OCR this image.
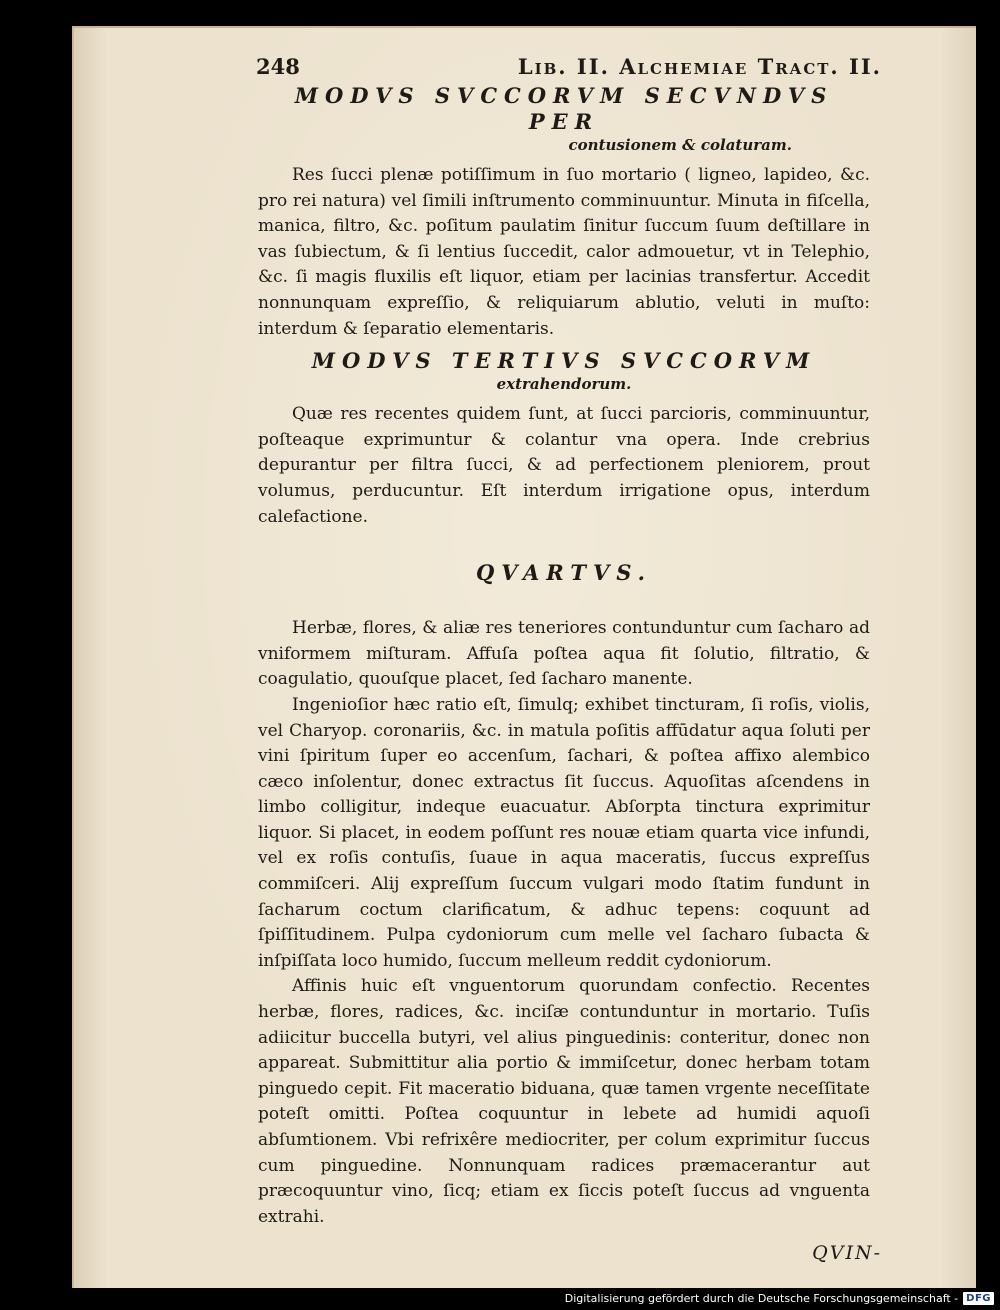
248	Lib. II. Alchemiae Tract. II.
MODVS SVCCORVM SECVNDVS PER
contusionem & colaturam.

Res ſucci plenæ potiſſimum in ſuo mortario ( ligneo, lapideo, &c. pro rei natura) vel ſimili inſtrumento comminuuntur. Minuta in fiſcella, manica, filtro, &c. poſitum paulatim ſinitur ſuccum ſuum deſtillare in vas ſubiectum, & ſi lentius ſuccedit, calor admouetur, vt in Telephio, &c. ſi magis fluxilis eſt liquor, etiam per lacinias transfertur. Accedit nonnunquam expreſſio, & reliquiarum ablutio, veluti in muſto: interdum & ſeparatio elementaris.

MODVS TERTIVS SVCCORVM
extrahendorum.

Quæ res recentes quidem ſunt, at ſucci parcioris, comminuuntur, poſteaque exprimuntur & colantur vna opera. Inde crebrius depurantur per filtra ſucci, & ad perfectionem pleniorem, prout volumus, perducuntur. Eſt interdum irrigatione opus, interdum calefactione.

QVARTVS.

Herbæ, flores, & aliæ res teneriores contunduntur cum ſacharo ad vniformem miſturam. Affuſa poſtea aqua fit ſolutio, filtratio, & coagulatio, quouſque placet, ſed ſacharo manente.

Ingenioſior hæc ratio eſt, ſimulq; exhibet tincturam, ſi roſis, violis, vel Charyop. coronariis, &c. in matula poſitis affūdatur aqua ſoluti per vini ſpiritum ſuper eo accenſum, ſachari, & poſtea affixo alembico cæco inſolentur, donec extractus ſit ſuccus. Aquoſitas aſcendens in limbo colligitur, indeque euacuatur. Abſorpta tinctura exprimitur liquor. Si placet, in eodem poſſunt res nouæ etiam quarta vice infundi, vel ex roſis contuſis, ſuaue in aqua maceratis, ſuccus expreſſus commiſceri. Alij expreſſum ſuccum vulgari modo ſtatim fundunt in ſacharum coctum clarificatum, & adhuc tepens: coquunt ad ſpiſſitudinem. Pulpa cydoniorum cum melle vel ſacharo ſubacta & inſpiſſata loco humido, ſuccum melleum reddit cydoniorum.

Affinis huic eſt vnguentorum quorundam confectio. Recentes herbæ, flores, radices, &c. inciſæ contunduntur in mortario. Tuſis adiicitur buccella butyri, vel alius pinguedinis: conteritur, donec non appareat. Submittitur alia portio & immiſcetur, donec herbam totam pinguedo cepit. Fit maceratio biduana, quæ tamen vrgente neceſſitate poteſt omitti. Poſtea coquuntur in lebete ad humidi aquoſi abſumtionem. Vbi refrixêre mediocriter, per colum exprimitur ſuccus cum pinguedine. Nonnunquam radices præmacerantur aut præcoquuntur vino, ſicq; etiam ex ſiccis poteſt ſuccus ad vnguenta extrahi.

QVIN-
Digitalisierung gefördert durch die Deutsche Forschungsgemeinschaft - DFG
